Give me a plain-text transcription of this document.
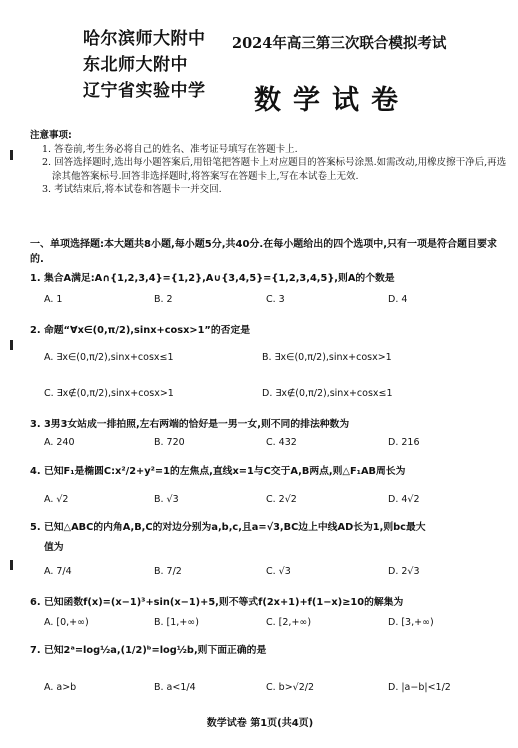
哈尔滨师大附中
东北师大附中
辽宁省实验中学
2024年高三第三次联合模拟考试
数学试卷
注意事项:
1. 答卷前,考生务必将自己的姓名、准考证号填写在答题卡上.
2. 回答选择题时,选出每小题答案后,用铅笔把答题卡上对应题目的答案标号涂黑.如需改动,用橡皮擦干净后,再选涂其他答案标号.回答非选择题时,将答案写在答题卡上,写在本试卷上无效.
3. 考试结束后,将本试卷和答题卡一并交回.
一、单项选择题:本大题共8小题,每小题5分,共40分.在每小题给出的四个选项中,只有一项是符合题目要求的.
1. 集合A满足:A∩{1,2,3,4}={1,2},A∪{3,4,5}={1,2,3,4,5},则A的个数是
A. 1	B. 2	C. 3	D. 4
2. 命题“∀x∈(0,π/2),sinx+cosx>1”的否定是
A. ∃x∈(0,π/2),sinx+cosx≤1	B. ∃x∈(0,π/2),sinx+cosx>1
C. ∃x∉(0,π/2),sinx+cosx>1	D. ∃x∉(0,π/2),sinx+cosx≤1
3. 3男3女站成一排拍照,左右两端的恰好是一男一女,则不同的排法种数为
A. 240	B. 720	C. 432	D. 216
4. 已知F₁是椭圆C:x²/2+y²=1的左焦点,直线x=1与C交于A,B两点,则△F₁AB周长为
A. √2	B. √3	C. 2√2	D. 4√2
5. 已知△ABC的内角A,B,C的对边分别为a,b,c,且a=√3,BC边上中线AD长为1,则bc最大
值为
A. 7/4	B. 7/2	C. √3	D. 2√3
6. 已知函数f(x)=(x−1)³+sin(x−1)+5,则不等式f(2x+1)+f(1−x)≥10的解集为
A. [0,+∞)	B. [1,+∞)	C. [2,+∞)	D. [3,+∞)
7. 已知2ᵃ=log½a,(1/2)ᵇ=log½b,则下面正确的是
A. a>b	B. a<1/4	C. b>√2/2	D. |a−b|<1/2
数学试卷 第1页(共4页)
